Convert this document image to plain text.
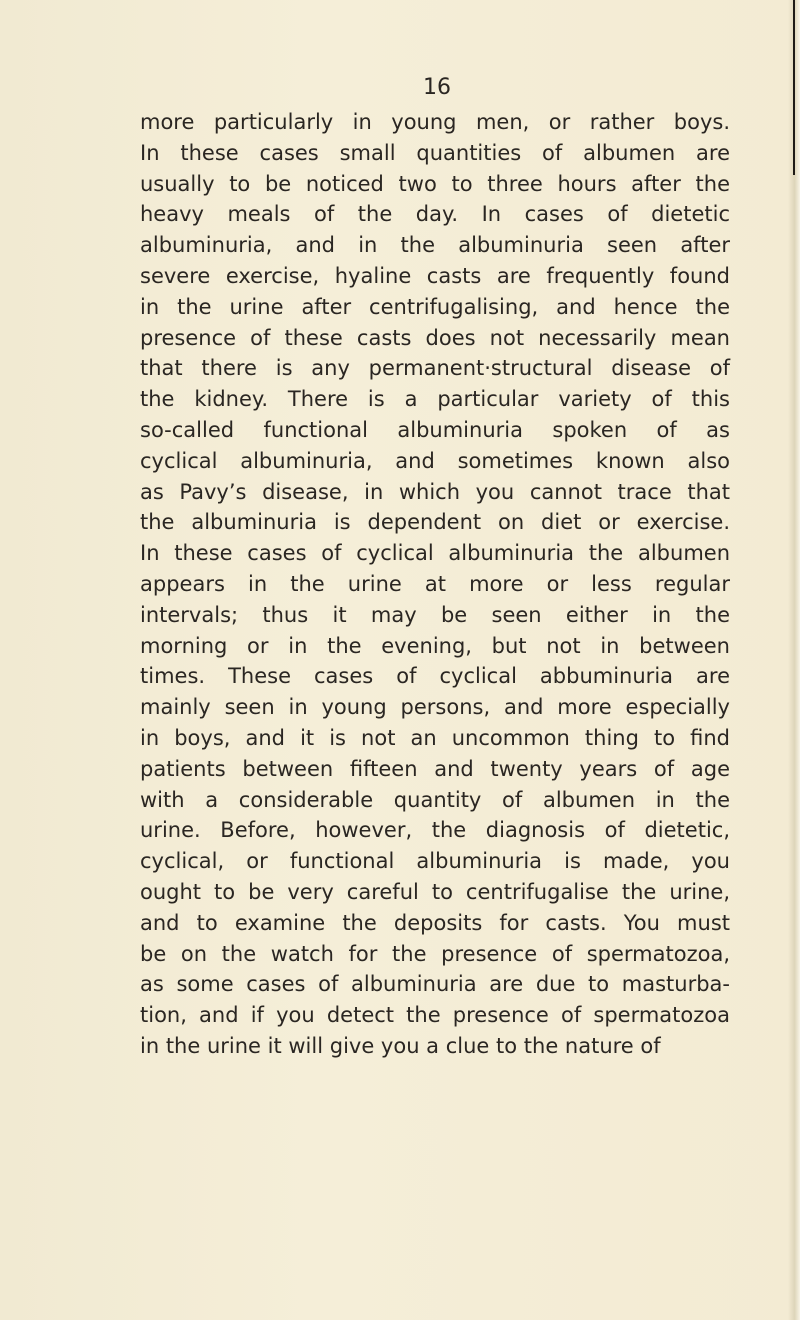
16
more particularly in young men, or rather boys.
In these cases small quantities of albumen are
usually to be noticed two to three hours after the
heavy meals of the day. In cases of dietetic
albuminuria, and in the albuminuria seen after
severe exercise, hyaline casts are frequently found
in the urine after centrifugalising, and hence the
presence of these casts does not necessarily mean
that there is any permanent·structural disease of
the kidney. There is a particular variety of this
so-called functional albuminuria spoken of as
cyclical albuminuria, and sometimes known also
as Pavy’s disease, in which you cannot trace that
the albuminuria is dependent on diet or exercise.
In these cases of cyclical albuminuria the albumen
appears in the urine at more or less regular
intervals; thus it may be seen either in the
morning or in the evening, but not in between
times. These cases of cyclical abbuminuria are
mainly seen in young persons, and more especially
in boys, and it is not an uncommon thing to find
patients between fifteen and twenty years of age
with a considerable quantity of albumen in the
urine. Before, however, the diagnosis of dietetic,
cyclical, or functional albuminuria is made, you
ought to be very careful to centrifugalise the urine,
and to examine the deposits for casts. You must
be on the watch for the presence of spermatozoa,
as some cases of albuminuria are due to masturba-
tion, and if you detect the presence of spermatozoa
in the urine it will give you a clue to the nature of
